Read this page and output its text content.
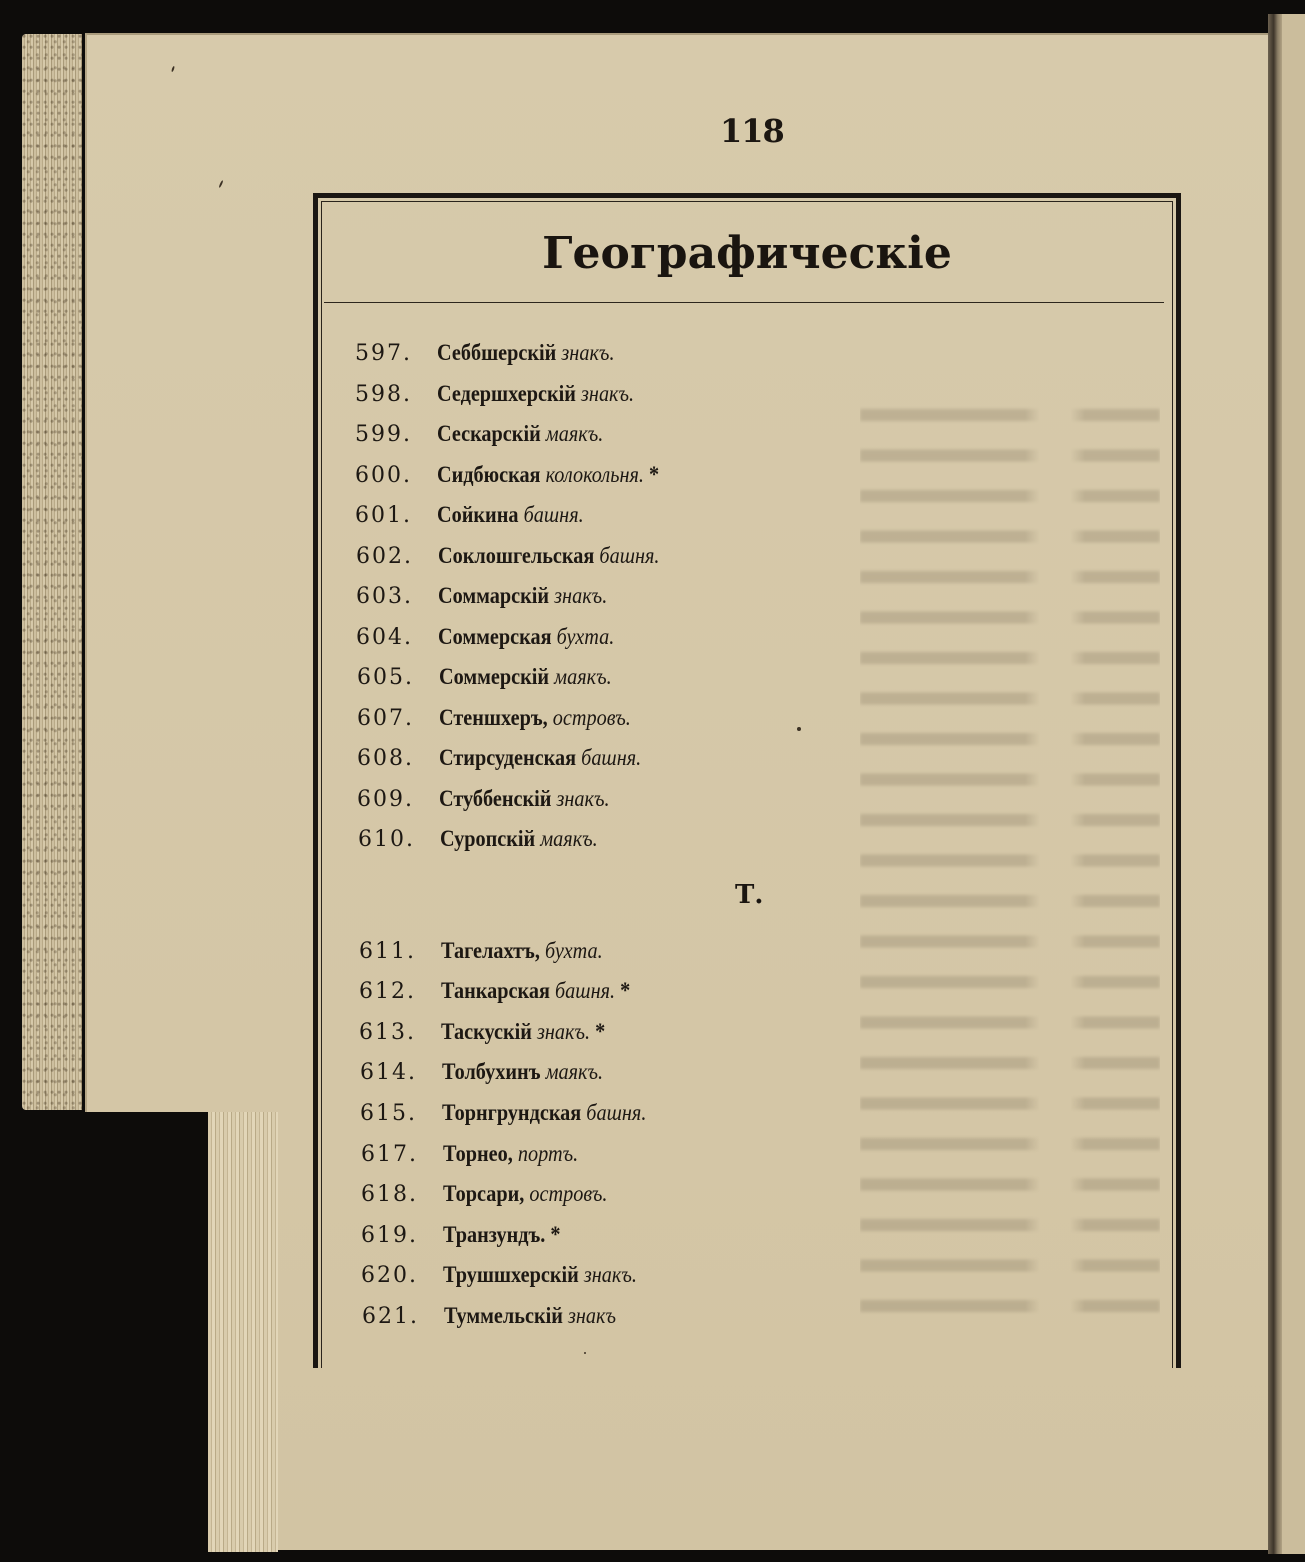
118
Географическіе
597.	Себбшерскій знакъ.
598.	Седершхерскій знакъ.
599.	Сескарскій маякъ.
600.	Сидбюская колокольня. *
601.	Сойкина башня.
602.	Соклошгельская башня.
603.	Соммарскій знакъ.
604.	Соммерская бухта.
605.	Соммерскій маякъ.
607.	Стеншхеръ, островъ.
608.	Стирсуденская башня.
609.	Стуббенскій знакъ.
610.	Суропскій маякъ.
Т.
611.	Тагелахтъ, бухта.
612.	Танкарская башня. *
613.	Таскускій знакъ. *
614.	Толбухинъ маякъ.
615.	Торнгрундская башня.
617.	Торнео, портъ.
618.	Торсари, островъ.
619.	Транзундъ. *
620.	Трушшхерскій знакъ.
621.	Туммельскій знакъ
